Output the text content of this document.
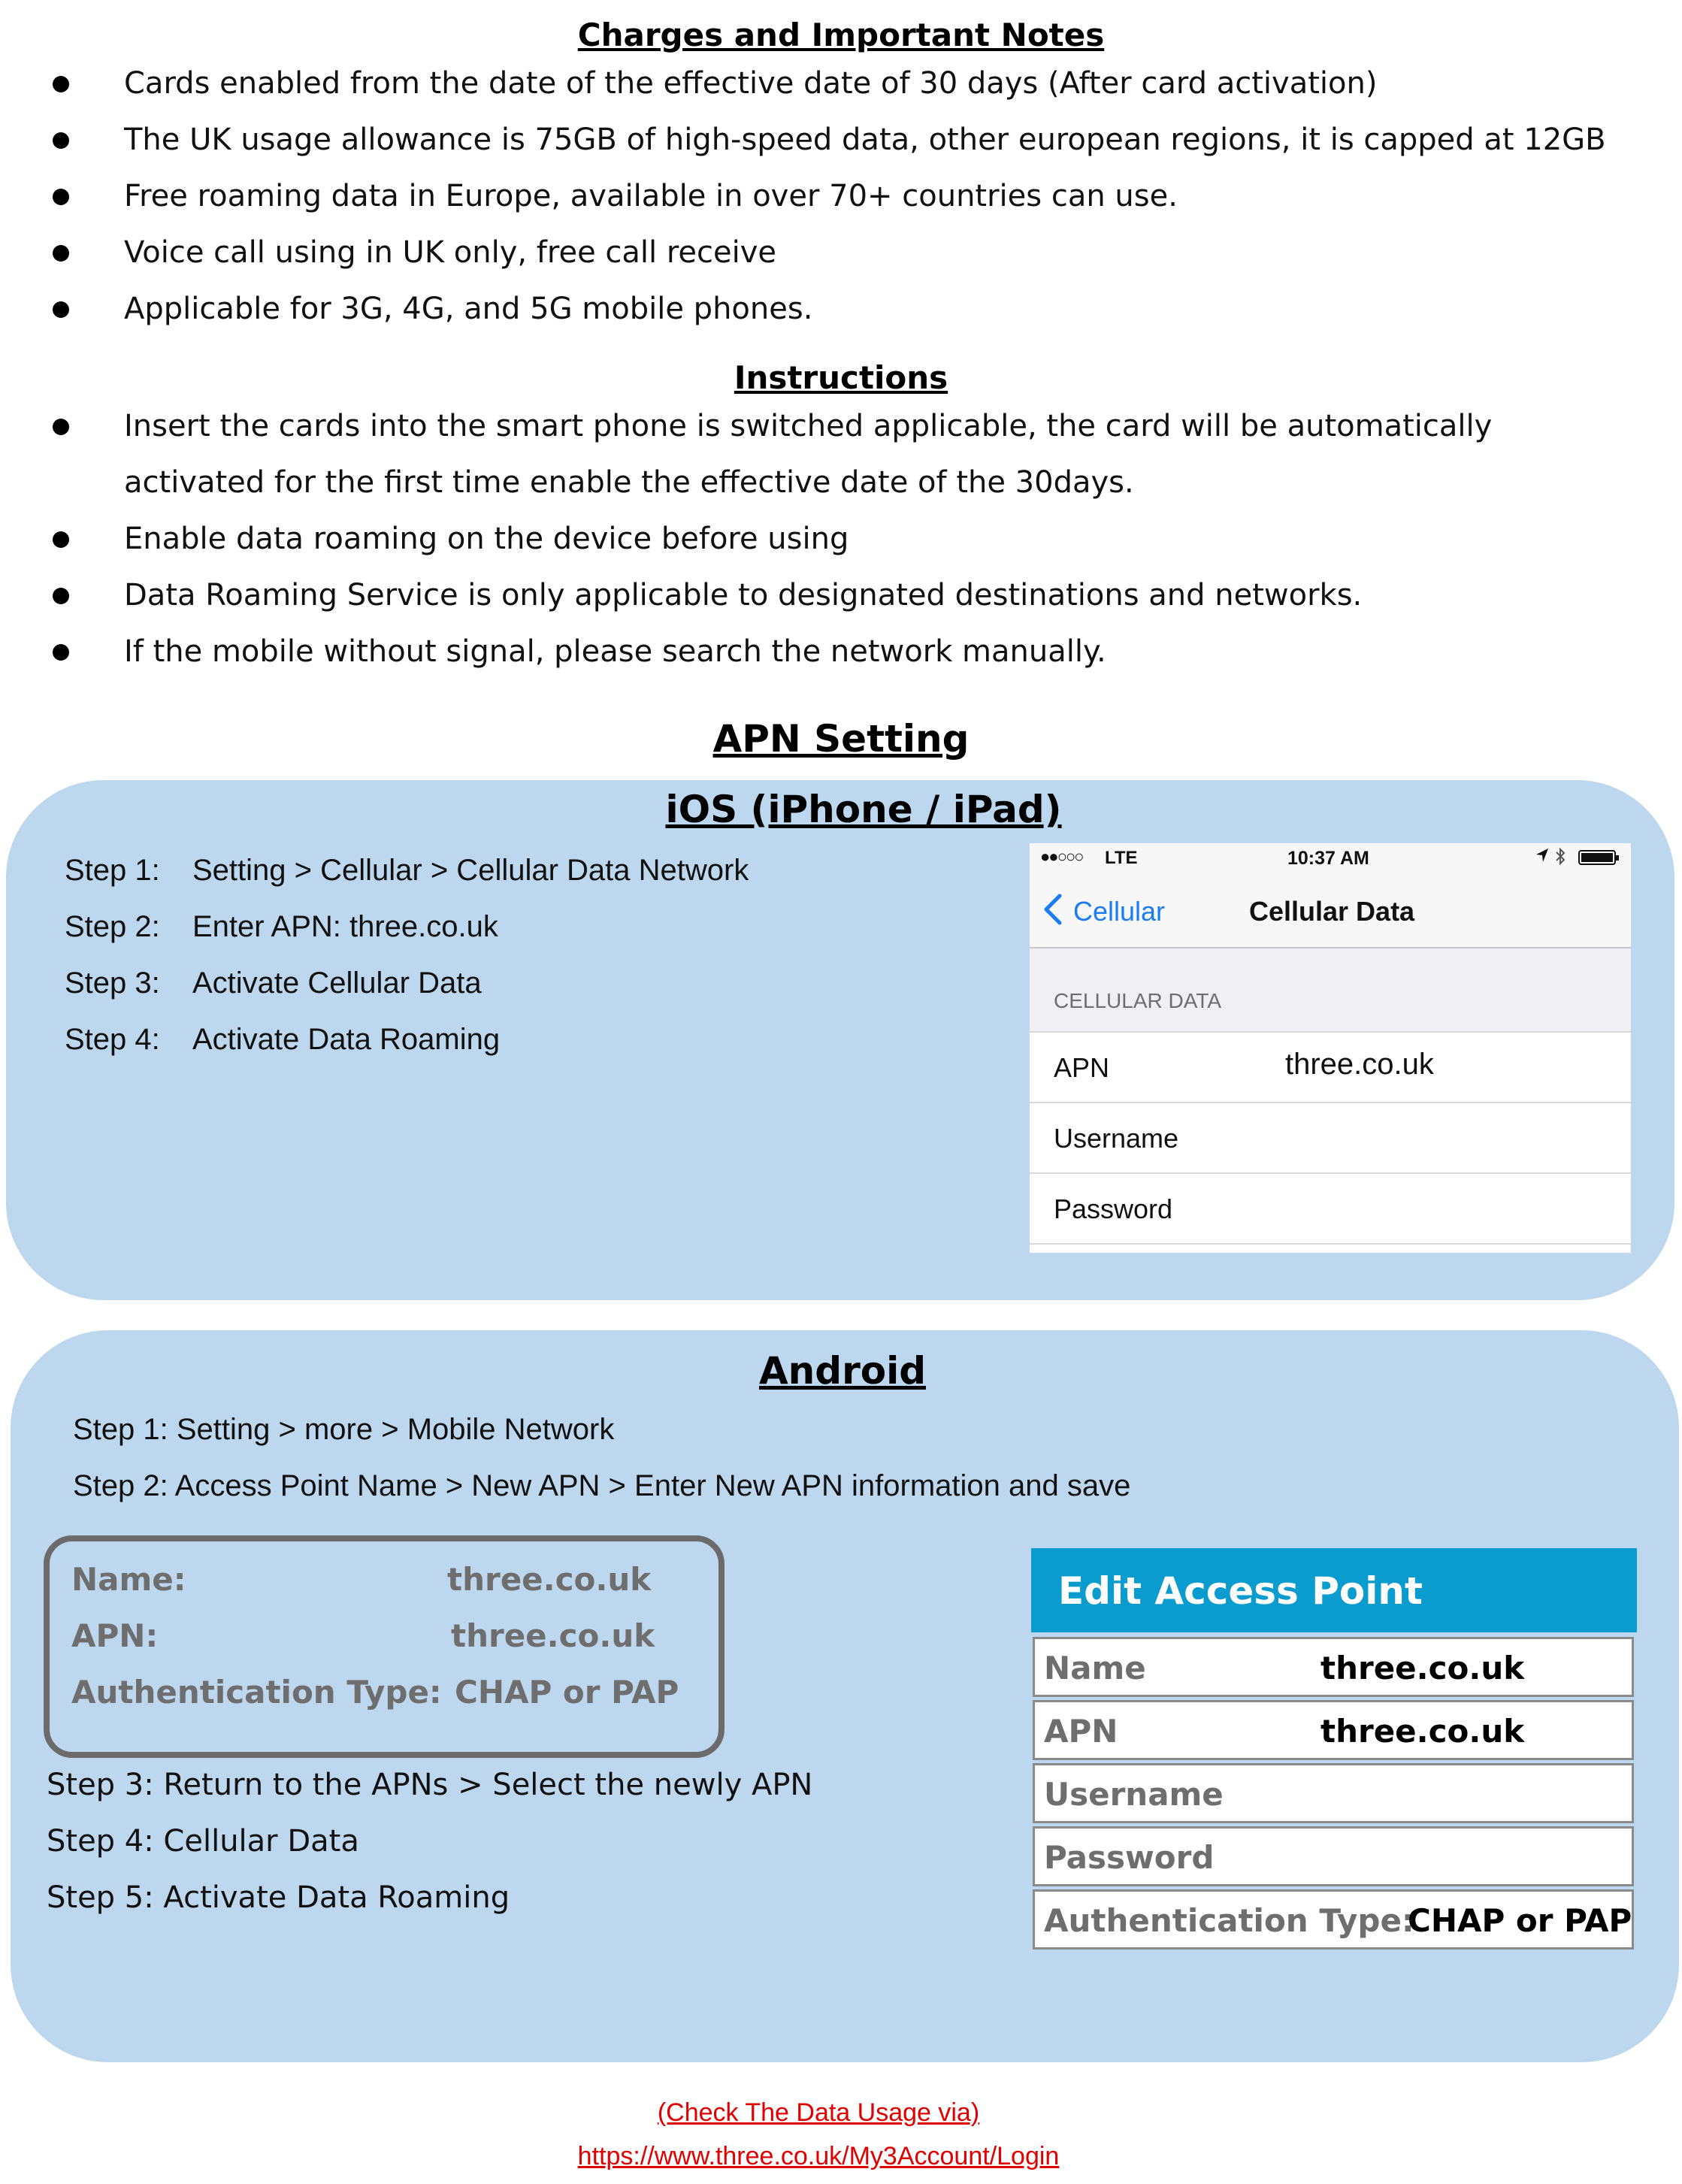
Charges and Important Notes
Cards enabled from the date of the effective date of 30 days (After card activation)
The UK usage allowance is 75GB of high-speed data, other european regions, it is capped at 12GB
Free roaming data in Europe, available in over 70+ countries can use.
Voice call using in UK only, free call receive
Applicable for 3G, 4G, and 5G mobile phones.
Instructions
Insert the cards into the smart phone is switched applicable, the card will be automatically
activated for the first time enable the effective date of the 30days.
Enable data roaming on the device before using
Data Roaming Service is only applicable to designated destinations and networks.
If the mobile without signal, please search the network manually.
APN Setting
iOS (iPhone / iPad)
Step 1: Setting > Cellular > Cellular Data Network
Step 2: Enter APN: three.co.uk
Step 3: Activate Cellular Data
Step 4: Activate Data Roaming
●●○○○ LTE	10:37 AM
Cellular	Cellular Data
CELLULAR DATA
APN	three.co.uk
Username
Password
Android
Step 1: Setting > more > Mobile Network
Step 2: Access Point Name > New APN > Enter New APN information and save
Name:	three.co.uk
APN:	three.co.uk
Authentication Type: CHAP or PAP
Step 3: Return to the APNs > Select the newly APN
Step 4: Cellular Data
Step 5: Activate Data Roaming
Edit Access Point
Name	three.co.uk
APN	three.co.uk
Username
Password
Authentication Type:
CHAP or PAP
(Check The Data Usage via)
https://www.three.co.uk/My3Account/Login
